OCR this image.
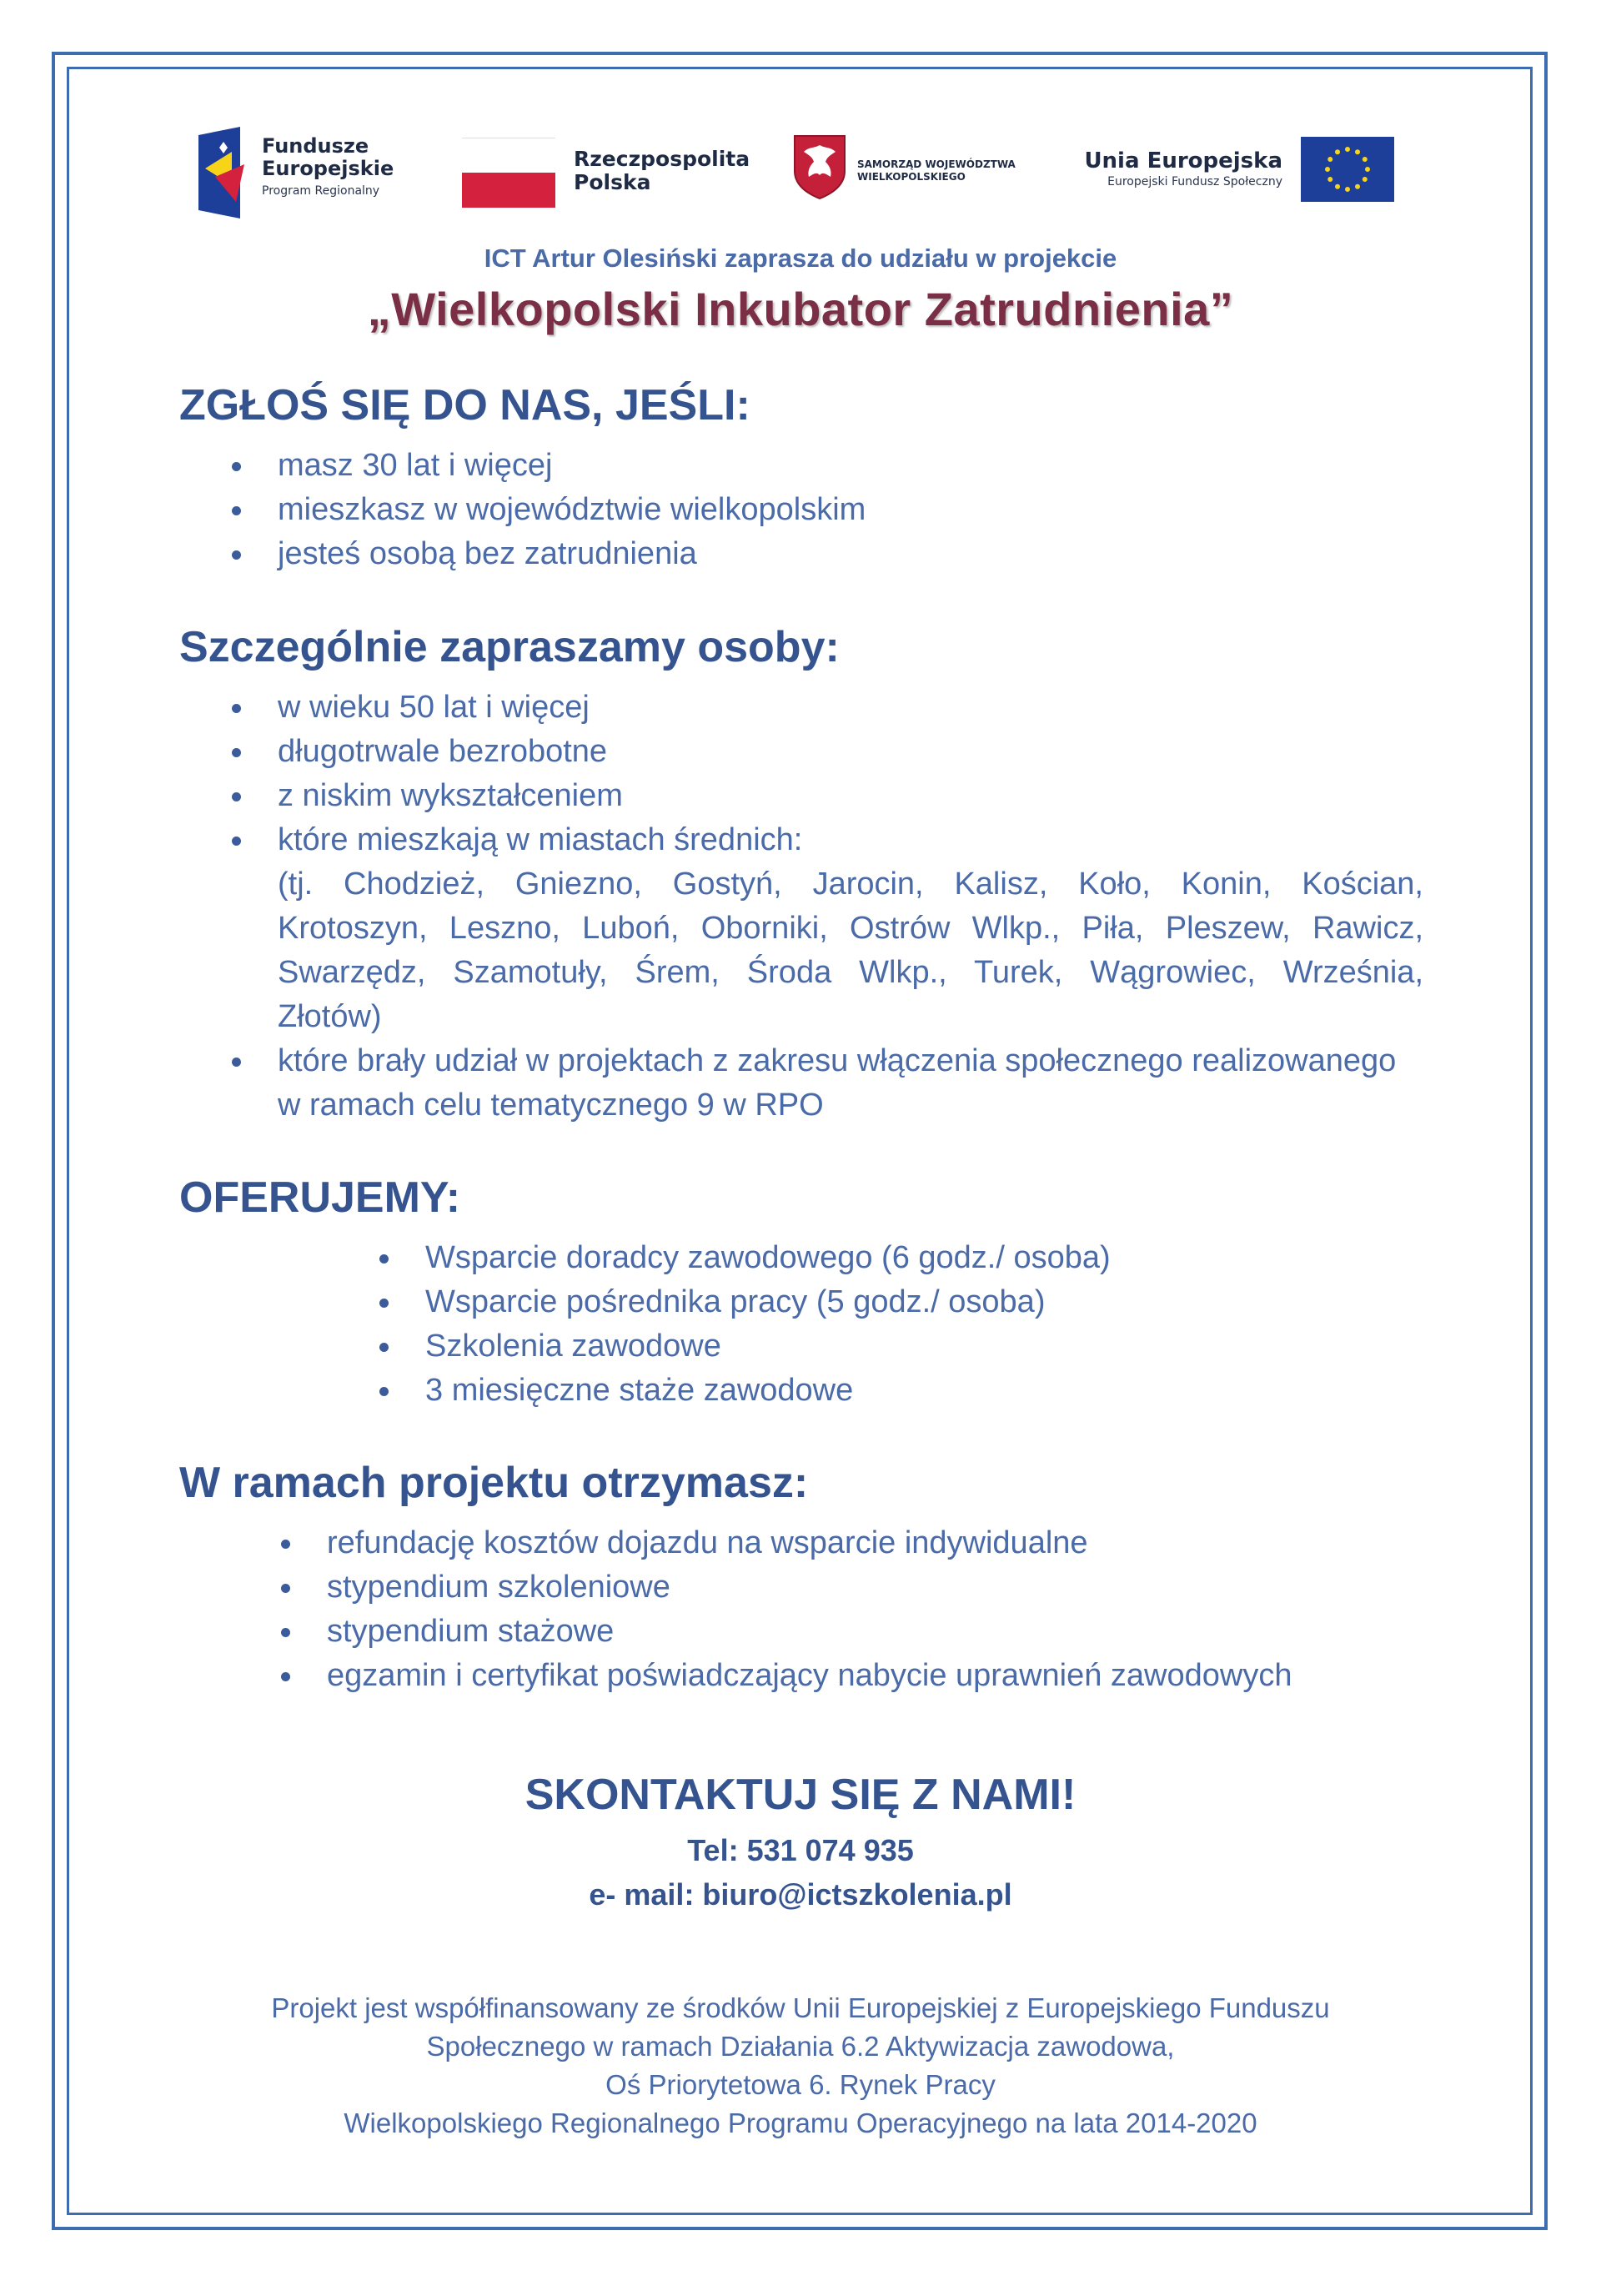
Fundusze
Europejskie
Program Regionalny
Rzeczpospolita
Polska
SAMORZĄD WOJEWÓDZTWA
WIELKOPOLSKIEGO
Unia Europejska
Europejski Fundusz Społeczny
ICT Artur Olesiński zaprasza do udziału w projekcie
„Wielkopolski Inkubator Zatrudnienia”
ZGŁOŚ SIĘ DO NAS, JEŚLI:
masz 30 lat i więcej
mieszkasz w województwie wielkopolskim
jesteś osobą bez zatrudnienia
Szczególnie zapraszamy osoby:
w wieku 50 lat i więcej
długotrwale bezrobotne
z niskim wykształceniem
które mieszkają w miastach średnich:
(tj. Chodzież, Gniezno, Gostyń, Jarocin, Kalisz, Koło, Konin, Kościan,
Krotoszyn, Leszno, Luboń, Oborniki, Ostrów Wlkp., Piła, Pleszew, Rawicz,
Swarzędz, Szamotuły, Śrem, Środa Wlkp., Turek, Wągrowiec, Września,
Złotów)
które brały udział w projektach z zakresu włączenia społecznego realizowanego
w ramach celu tematycznego 9 w RPO
OFERUJEMY:
Wsparcie doradcy zawodowego (6 godz./ osoba)
Wsparcie pośrednika pracy (5 godz./ osoba)
Szkolenia zawodowe
3 miesięczne staże zawodowe
W ramach projektu otrzymasz:
refundację kosztów dojazdu na wsparcie indywidualne
stypendium szkoleniowe
stypendium stażowe
egzamin i certyfikat poświadczający nabycie uprawnień zawodowych
SKONTAKTUJ SIĘ Z NAMI!
Tel: 531 074 935
e- mail: biuro@ictszkolenia.pl
Projekt jest współfinansowany ze środków Unii Europejskiej z Europejskiego Funduszu
Społecznego w ramach Działania 6.2 Aktywizacja zawodowa,
Oś Priorytetowa 6. Rynek Pracy
Wielkopolskiego Regionalnego Programu Operacyjnego na lata 2014-2020
